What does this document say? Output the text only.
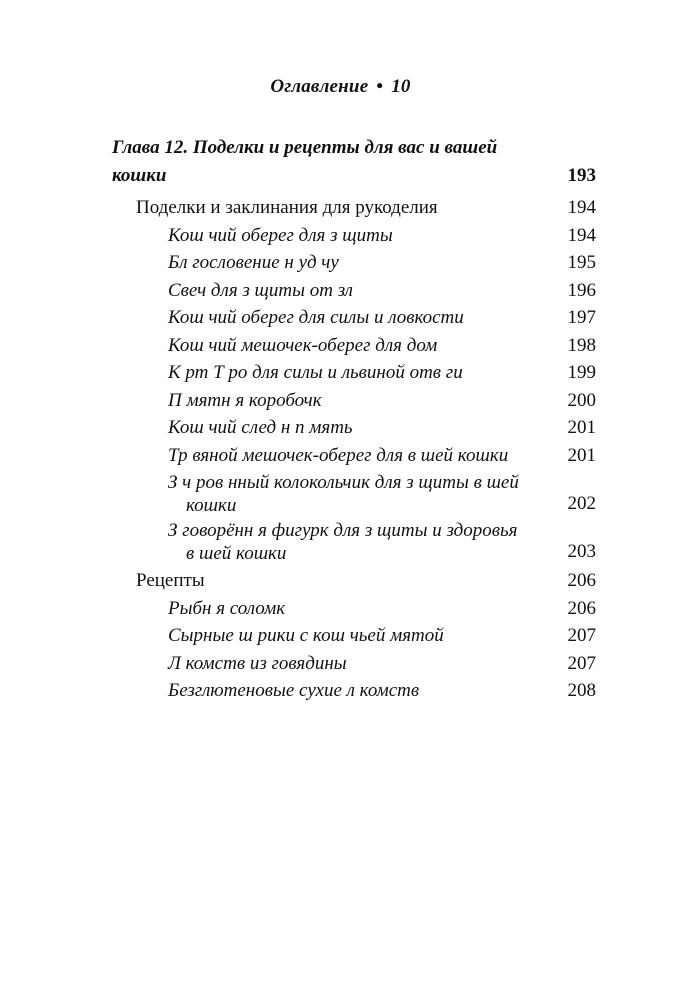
Оглавление • 10
Глава 12. Поделки и рецепты для вас и вашей кошки	193
Поделки и заклинания для рукоделия	194
Кош чий оберег для з щиты	194
Бл гословение н уд чу	195
Свеч для з щиты от зл	196
Кош чий оберег для силы и ловкости	197
Кош чий мешочек-оберег для дом	198
К рт Т ро для силы и львиной отв ги	199
П мятн я коробочк	200
Кош чий след н п мять	201
Тр вяной мешочек-оберег для в шей кошки	201
З ч ров нный колокольчик для з щиты в шей
кошки	202
З говорённ я фигурк для з щиты и здоровья
в шей кошки	203
Рецепты	206
Рыбн я соломк	206
Сырные ш рики с кош чьей мятой	207
Л комств из говядины	207
Безглютеновые сухие л комств	208
